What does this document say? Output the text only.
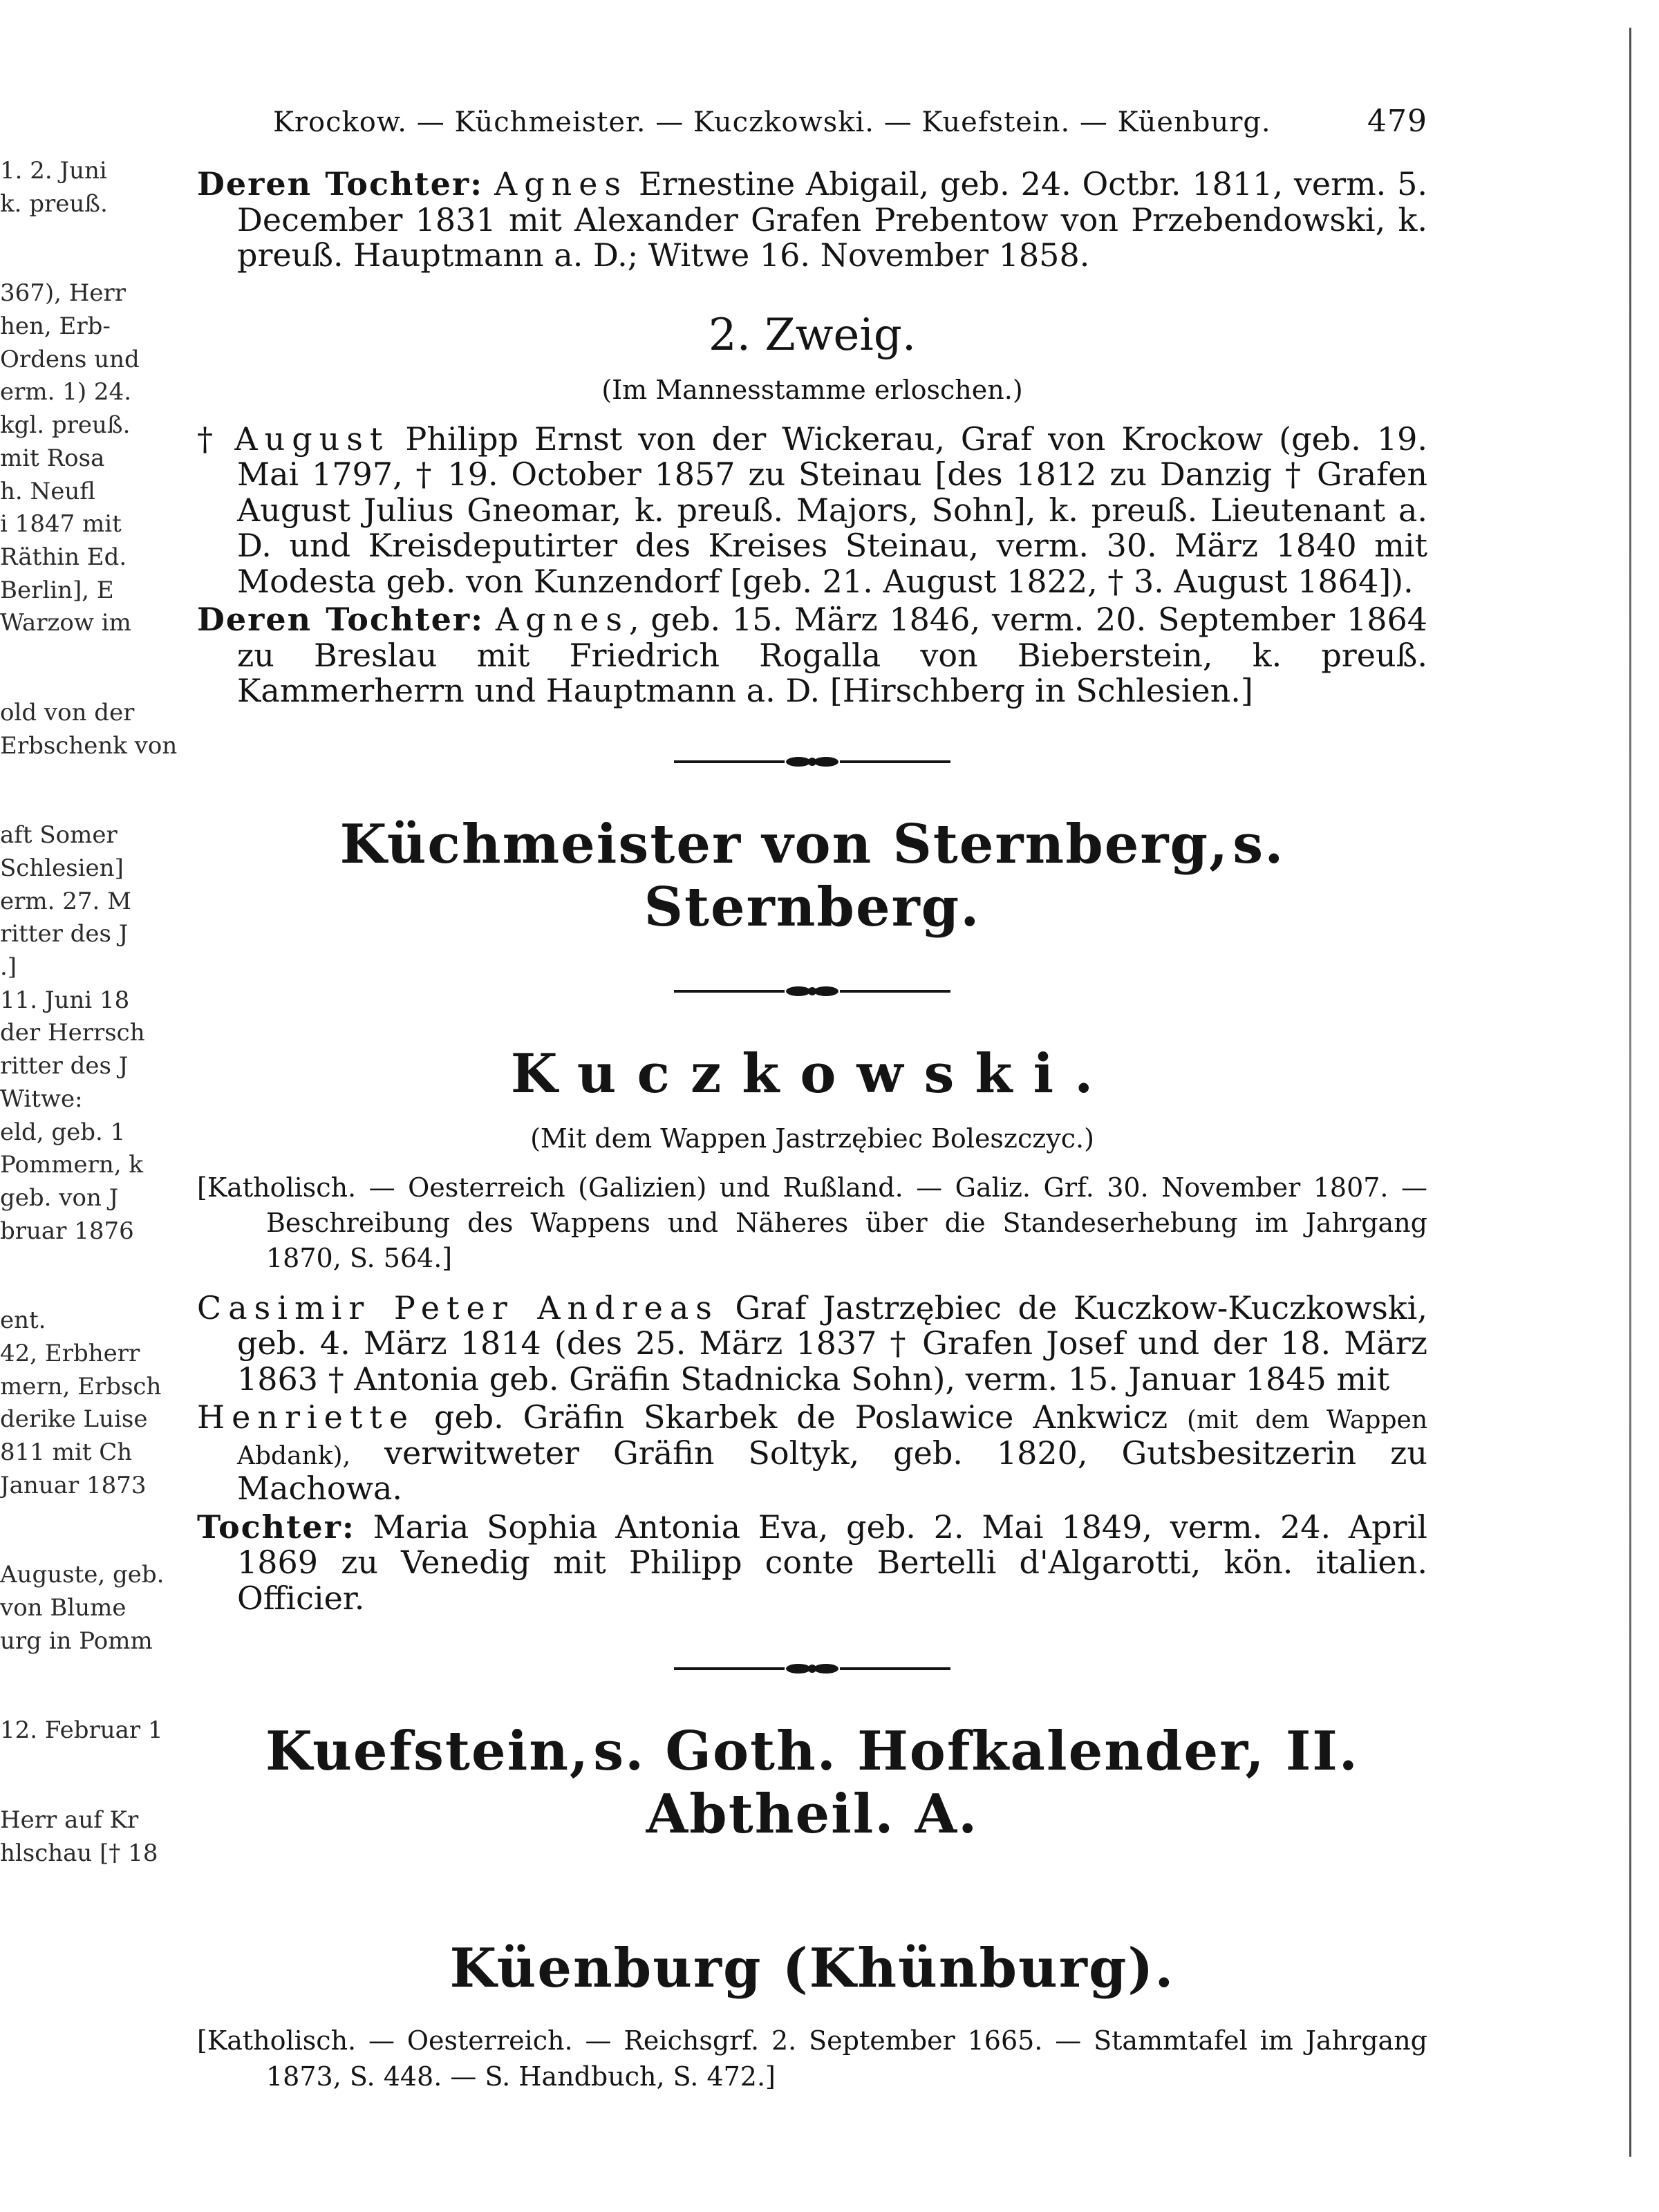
1. 2. Juni
k. preuß.
367), Herr
hen, Erb-
Ordens und
erm. 1) 24.
kgl. preuß.
mit Rosa
h. Neufl
i 1847 mit
Räthin Ed.
Berlin], E
Warzow im
old von der
Erbschenk von
aft Somer
Schlesien]
erm. 27. M
ritter des J
.]
11. Juni 18
der Herrsch
ritter des J
Witwe:
eld, geb. 1
Pommern, k
geb. von J
bruar 1876
ent.
42, Erbherr
mern, Erbsch
derike Luise
811 mit Ch
Januar 1873
Auguste, geb.
von Blume
urg in Pomm
12. Februar 1
Herr auf Kr
hlschau [† 18
Krockow. — Küchmeister. — Kuczkowski. — Kuefstein. — Küenburg.	479

Deren Tochter: Agnes Ernestine Abigail, geb. 24. Octbr. 1811, verm. 5. December 1831 mit Alexander Grafen Prebentow von Przebendowski, k. preuß. Hauptmann a. D.; Witwe 16. November 1858.

2. Zweig.
(Im Mannesstamme erloschen.)

† August Philipp Ernst von der Wickerau, Graf von Krockow (geb. 19. Mai 1797, † 19. October 1857 zu Steinau [des 1812 zu Danzig † Grafen August Julius Gneomar, k. preuß. Majors, Sohn], k. preuß. Lieutenant a. D. und Kreisdeputirter des Kreises Steinau, verm. 30. März 1840 mit Modesta geb. von Kunzendorf [geb. 21. August 1822, † 3. August 1864]).

Deren Tochter: Agnes, geb. 15. März 1846, verm. 20. September 1864 zu Breslau mit Friedrich Rogalla von Bieberstein, k. preuß. Kammerherrn und Hauptmann a. D. [Hirschberg in Schlesien.]

Küchmeister von Sternberg, s. Sternberg.
Kuczkowski.
(Mit dem Wappen Jastrzębiec Boleszczyc.)

[Katholisch. — Oesterreich (Galizien) und Rußland. — Galiz. Grf. 30. November 1807. — Beschreibung des Wappens und Näheres über die Standeserhebung im Jahrgang 1870, S. 564.]

Casimir Peter Andreas Graf Jastrzębiec de Kuczkow-Kuczkowski, geb. 4. März 1814 (des 25. März 1837 † Grafen Josef und der 18. März 1863 † Antonia geb. Gräfin Stadnicka Sohn), verm. 15. Januar 1845 mit

Henriette geb. Gräfin Skarbek de Poslawice Ankwicz (mit dem Wappen Abdank), verwitweter Gräfin Soltyk, geb. 1820, Gutsbesitzerin zu Machowa.

Tochter: Maria Sophia Antonia Eva, geb. 2. Mai 1849, verm. 24. April 1869 zu Venedig mit Philipp conte Bertelli d'Algarotti, kön. italien. Officier.

Kuefstein, s. Goth. Hofkalender, II. Abtheil. A.
Küenburg (Khünburg).

[Katholisch. — Oesterreich. — Reichsgrf. 2. September 1665. — Stammtafel im Jahrgang 1873, S. 448. — S. Handbuch, S. 472.]
